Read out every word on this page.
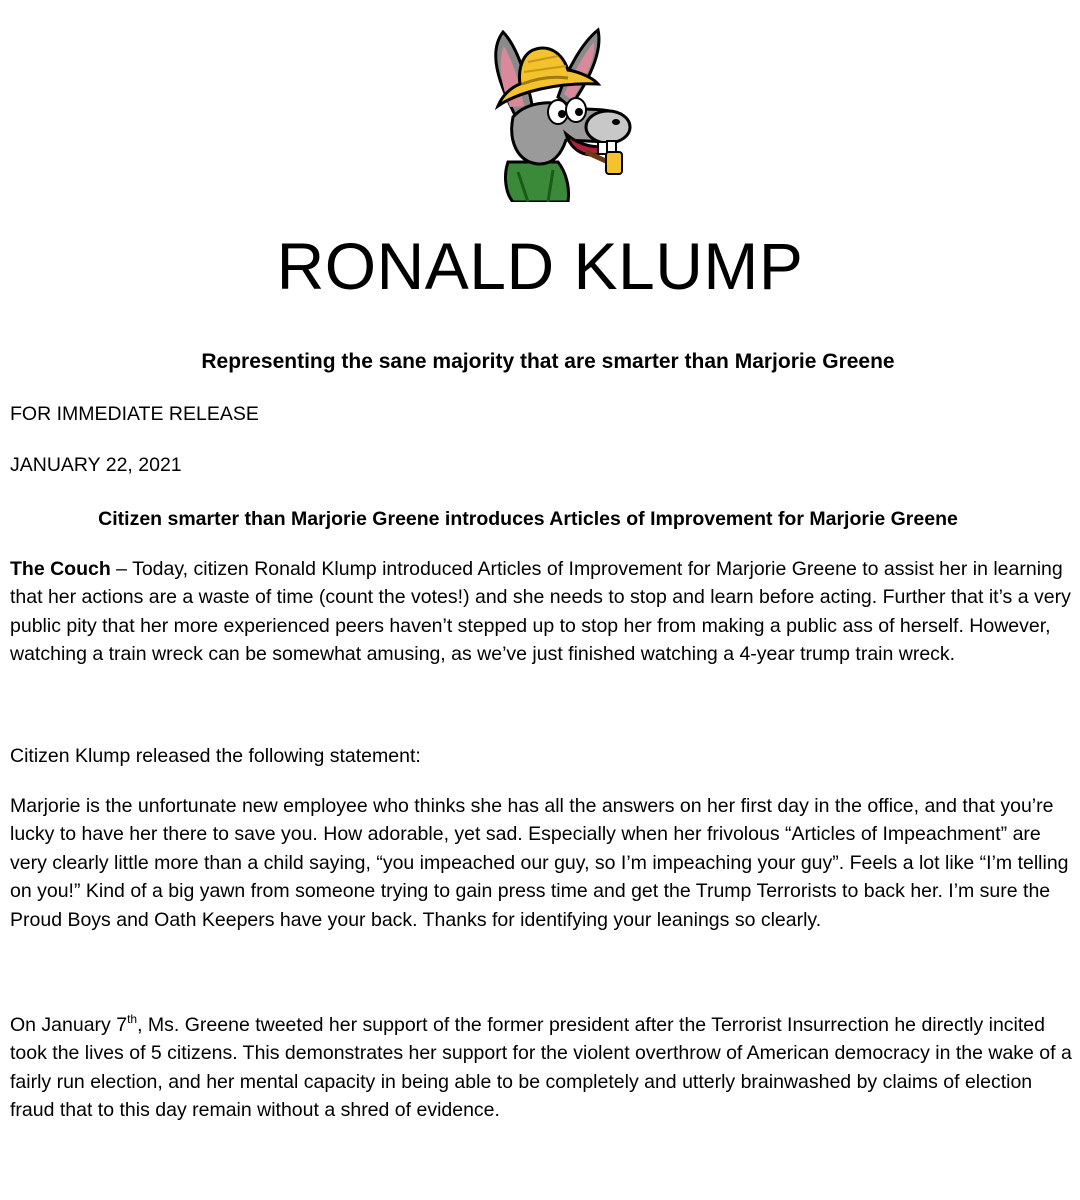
RONALD KLUMP

Representing the sane majority that are smarter than Marjorie Greene

FOR IMMEDIATE RELEASE

JANUARY 22, 2021

Citizen smarter than Marjorie Greene introduces Articles of Improvement for Marjorie Greene

The Couch – Today, citizen Ronald Klump introduced Articles of Improvement for Marjorie Greene to assist her in learning that her actions are a waste of time (count the votes!) and she needs to stop and learn before acting. Further that it’s a very public pity that her more experienced peers haven’t stepped up to stop her from making a public ass of herself. However, watching a train wreck can be somewhat amusing, as we’ve just finished watching a 4-year trump train wreck.

Citizen Klump released the following statement:

Marjorie is the unfortunate new employee who thinks she has all the answers on her first day in the office, and that you’re lucky to have her there to save you. How adorable, yet sad. Especially when her frivolous “Articles of Impeachment” are very clearly little more than a child saying, “you impeached our guy, so I’m impeaching your guy”. Feels a lot like “I’m telling on you!” Kind of a big yawn from someone trying to gain press time and get the Trump Terrorists to back her. I’m sure the Proud Boys and Oath Keepers have your back. Thanks for identifying your leanings so clearly.

On January 7th, Ms. Greene tweeted her support of the former president after the Terrorist Insurrection he directly incited took the lives of 5 citizens. This demonstrates her support for the violent overthrow of American democracy in the wake of a fairly run election, and her mental capacity in being able to be completely and utterly brainwashed by claims of election fraud that to this day remain without a shred of evidence.
